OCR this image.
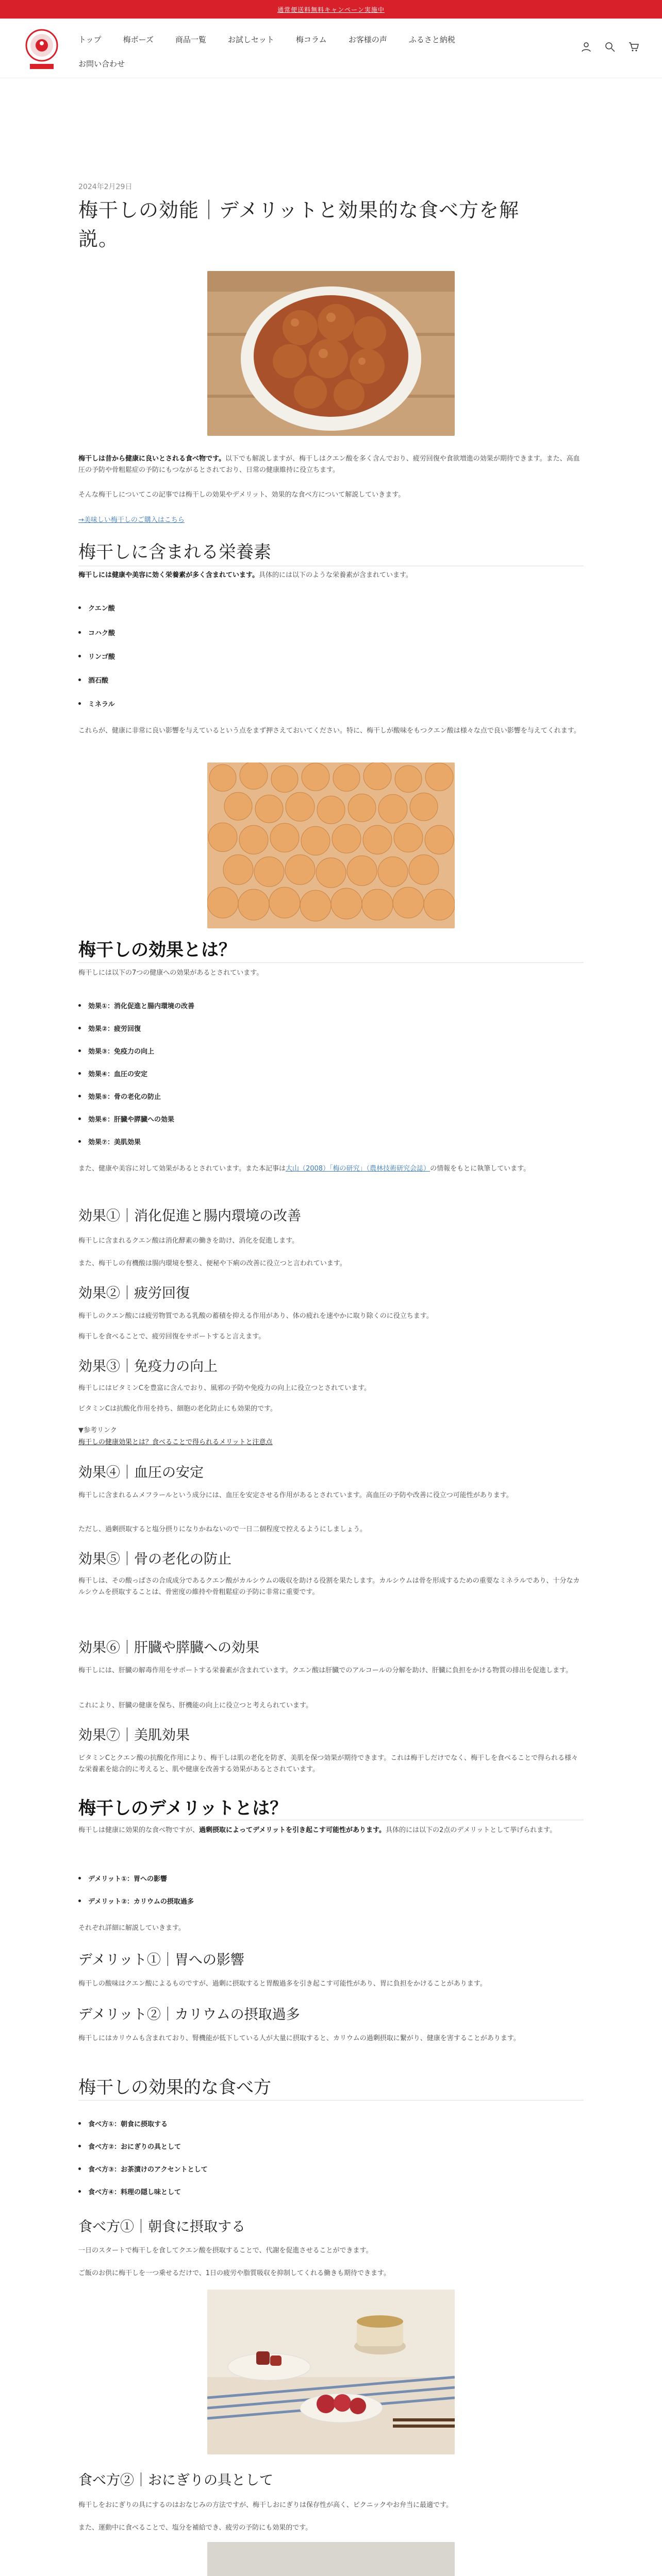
通常便送料無料キャンペーン実施中
トップ	梅ボーズ	商品一覧	お試しセット	梅コラム	お客様の声	ふるさと納税
お問い合わせ
2024年2月29日
梅干しの効能｜デメリットと効果的な食べ方を解
説。
梅干しは昔から健康に良いとされる食べ物です。以下でも解説しますが、梅干しはクエン酸を多く含んでおり、疲労回復や食欲増進の効果が期待できます。また、高血圧の予防や骨粗鬆症の予防にもつながるとされており、日常の健康維持に役立ちます。
そんな梅干しについてこの記事では梅干しの効果やデメリット、効果的な食べ方について解説していきます。
→美味しい梅干しのご購入はこちら
梅干しに含まれる栄養素
梅干しには健康や美容に効く栄養素が多く含まれています。具体的には以下のような栄養素が含まれています。
クエン酸
コハク酸
リンゴ酸
酒石酸
ミネラル
これらが、健康に非常に良い影響を与えているという点をまず押さえておいてください。特に、梅干しが酸味をもつクエン酸は様々な点で良い影響を与えてくれます。
梅干しの効果とは？
梅干しには以下の7つの健康への効果があるとされています。
効果①：消化促進と腸内環境の改善
効果②：疲労回復
効果③：免疫力の向上
効果④：血圧の安定
効果⑤：骨の老化の防止
効果⑥：肝臓や膵臓への効果
効果⑦：美肌効果
また、健康や美容に対して効果があるとされています。また本記事は大山（2008）「梅の研究」（農林技術研究会誌）の情報をもとに執筆しています。
効果①｜消化促進と腸内環境の改善
梅干しに含まれるクエン酸は消化酵素の働きを助け、消化を促進します。
また、梅干しの有機酸は腸内環境を整え、便秘や下痢の改善に役立つと言われています。
効果②｜疲労回復
梅干しのクエン酸には疲労物質である乳酸の蓄積を抑える作用があり、体の疲れを速やかに取り除くのに役立ちます。
梅干しを食べることで、疲労回復をサポートすると言えます。
効果③｜免疫力の向上
梅干しにはビタミンCを豊富に含んでおり、風邪の予防や免疫力の向上に役立つとされています。
ビタミンCは抗酸化作用を持ち、細胞の老化防止にも効果的です。
▼参考リンク
梅干しの健康効果とは？食べることで得られるメリットと注意点
効果④｜血圧の安定
梅干しに含まれるムメフラールという成分には、血圧を安定させる作用があるとされています。高血圧の予防や改善に役立つ可能性があります。
ただし、過剰摂取すると塩分摂りになりかねないので一日二個程度で控えるようにしましょう。
効果⑤｜骨の老化の防止
梅干しは、その酸っぱさの合成成分であるクエン酸がカルシウムの吸収を助ける役割を果たします。カルシウムは骨を形成するための重要なミネラルであり、十分なカルシウムを摂取することは、骨密度の維持や骨粗鬆症の予防に非常に重要です。
効果⑥｜肝臓や膵臓への効果
梅干しには、肝臓の解毒作用をサポートする栄養素が含まれています。クエン酸は肝臓でのアルコールの分解を助け、肝臓に負担をかける物質の排出を促進します。
これにより、肝臓の健康を保ち、肝機能の向上に役立つと考えられています。
効果⑦｜美肌効果
ビタミンCとクエン酸の抗酸化作用により、梅干しは肌の老化を防ぎ、美肌を保つ効果が期待できます。これは梅干しだけでなく、梅干しを食べることで得られる様々な栄養素を総合的に考えると、肌や健康を改善する効果があるとされています。
梅干しのデメリットとは？
梅干しは健康に効果的な食べ物ですが、過剰摂取によってデメリットを引き起こす可能性があります。具体的には以下の2点のデメリットとして挙げられます。
デメリット①：胃への影響
デメリット②：カリウムの摂取過多
それぞれ詳細に解説していきます。
デメリット①｜胃への影響
梅干しの酸味はクエン酸によるものですが、過剰に摂取すると胃酸過多を引き起こす可能性があり、胃に負担をかけることがあります。
デメリット②｜カリウムの摂取過多
梅干しにはカリウムも含まれており、腎機能が低下している人が大量に摂取すると、カリウムの過剰摂取に繋がり、健康を害することがあります。
梅干しの効果的な食べ方
食べ方①：朝食に摂取する
食べ方②：おにぎりの具として
食べ方③：お茶漬けのアクセントとして
食べ方④：料理の隠し味として
食べ方①｜朝食に摂取する
一日のスタートで梅干しを食してクエン酸を摂取することで、代謝を促進させることができます。
ご飯のお供に梅干しを一つ乗せるだけで、1日の疲労や脂質吸収を抑制してくれる働きも期待できます。
食べ方②｜おにぎりの具として
梅干しをおにぎりの具にするのはおなじみの方法ですが、梅干しおにぎりは保存性が高く、ピクニックやお弁当に最適です。
また、運動中に食べることで、塩分を補給でき、疲労の予防にも効果的です。
